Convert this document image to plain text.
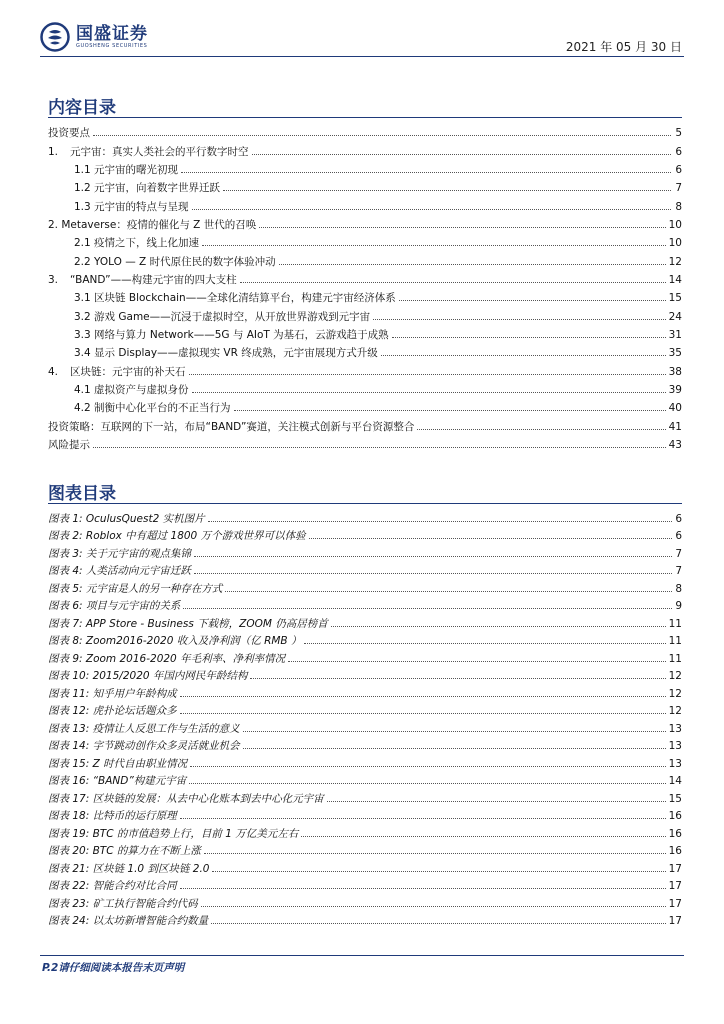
国盛证券
GUOSHENG SECURITIES	2021 年 05 月 30 日
内容目录
投资要点	5
1.	元宇宙：真实人类社会的平行数字时空	6
1.1 元宇宙的曙光初现	6
1.2 元宇宙，向着数字世界迁跃	7
1.3 元宇宙的特点与呈现	8
2. Metaverse：疫情的催化与 Z 世代的召唤	10
2.1 疫情之下，线上化加速	10
2.2 YOLO — Z 时代原住民的数字体验冲动	12
3.	“BAND”——构建元宇宙的四大支柱	14
3.1 区块链 Blockchain——全球化清结算平台，构建元宇宙经济体系	15
3.2 游戏 Game——沉浸于虚拟时空，从开放世界游戏到元宇宙	24
3.3 网络与算力 Network——5G 与 AIoT 为基石，云游戏趋于成熟	31
3.4 显示 Display——虚拟现实 VR 终成熟，元宇宙展现方式升级	35
4.	区块链：元宇宙的补天石	38
4.1 虚拟资产与虚拟身份	39
4.2 制衡中心化平台的不正当行为	40
投资策略：互联网的下一站，布局“BAND”赛道，关注模式创新与平台资源整合	41
风险提示	43
图表目录
图表 1: OculusQuest2 实机图片	6
图表 2: Roblox 中有超过 1800 万个游戏世界可以体验	6
图表 3: 关于元宇宙的观点集锦	7
图表 4: 人类活动向元宇宙迁跃	7
图表 5: 元宇宙是人的另一种存在方式	8
图表 6: 项目与元宇宙的关系	9
图表 7: APP Store - Business 下载榜，ZOOM 仍高居榜首	11
图表 8: Zoom2016-2020 收入及净利润（亿 RMB ）	11
图表 9: Zoom 2016-2020 年毛利率、净利率情况	11
图表 10: 2015/2020 年国内网民年龄结构	12
图表 11: 知乎用户年龄构成	12
图表 12: 虎扑论坛话题众多	12
图表 13: 疫情让人反思工作与生活的意义	13
图表 14: 字节跳动创作众多灵活就业机会	13
图表 15: Z 时代自由职业情况	13
图表 16: “BAND”构建元宇宙	14
图表 17: 区块链的发展：从去中心化账本到去中心化元宇宙	15
图表 18: 比特币的运行原理	16
图表 19: BTC 的市值趋势上行，目前 1 万亿美元左右	16
图表 20: BTC 的算力在不断上涨	16
图表 21: 区块链 1.0 到区块链 2.0	17
图表 22: 智能合约对比合同	17
图表 23: 矿工执行智能合约代码	17
图表 24: 以太坊新增智能合约数量	17
P.2请仔细阅读本报告末页声明
